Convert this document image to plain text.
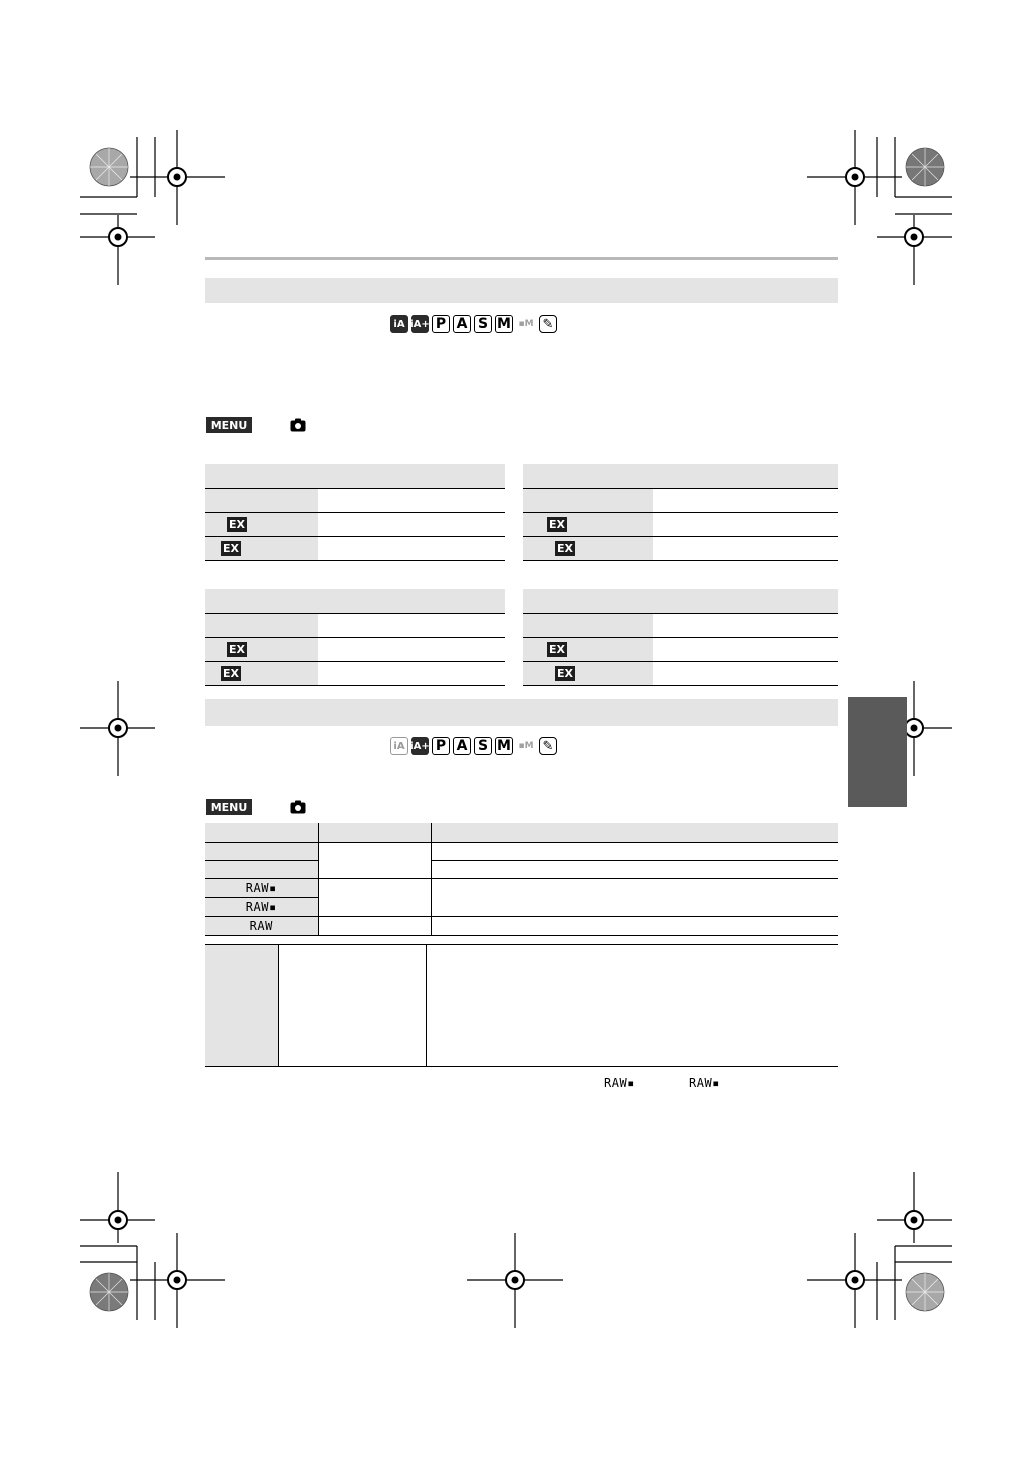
iA iA+ P A S M ▪M ✎
MENU

EX	
EX	

EX	
EX	

EX	
EX	

EX	
EX	
iA iA+ P A S M ▪M ✎
MENU

RAW▪		
RAW▪		
RAW		

RAW▪	RAW▪
